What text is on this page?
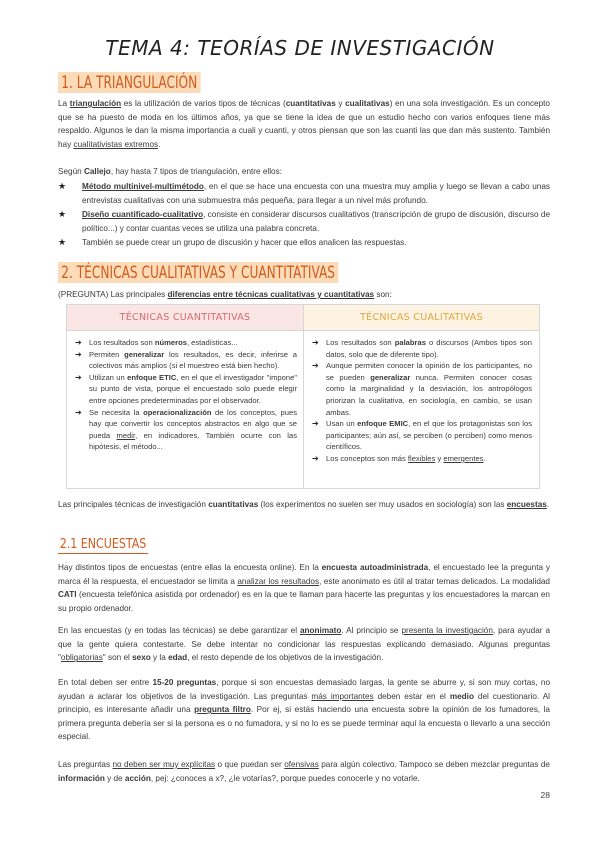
TEMA 4: TEORÍAS DE INVESTIGACIÓN
1. LA TRIANGULACIÓN
La triangulación es la utilización de varios tipos de técnicas (cuantitativas y cualitativas) en una sola investigación. Es un concepto que se ha puesto de moda en los últimos años, ya que se tiene la idea de que un estudio hecho con varios enfoques tiene más respaldo. Algunos le dan la misma importancia a cuali y cuanti, y otros piensan que son las cuanti las que dan más sustento. También hay cualitativistas extremos.
Según Callejo, hay hasta 7 tipos de triangulación, entre ellos:
★ Método multinivel-multimétodo, en el que se hace una encuesta con una muestra muy amplia y luego se llevan a cabo unas entrevistas cualitativas con una submuestra más pequeña, para llegar a un nivel más profundo.
★ Diseño cuantificado-cualitativo, consiste en considerar discursos cualitativos (transcripción de grupo de discusión, discurso de político...) y contar cuantas veces se utiliza una palabra concreta.
★ También se puede crear un grupo de discusión y hacer que ellos analicen las respuestas.
2. TÉCNICAS CUALITATIVAS Y CUANTITATIVAS
(PREGUNTA) Las principales diferencias entre técnicas cualitativas y cuantitativas son:
TÉCNICAS CUANTITATIVAS	TÉCNICAS CUALITATIVAS
➔ Los resultados son números, estadísticas...
➔ Permiten generalizar los resultados, es decir, inferirse a colectivos más amplios (si el muestreo está bien hecho).
➔ Utilizan un enfoque ETIC, en el que el investigador "impone" su punto de vista, porque el encuestado solo puede elegir entre opciones predeterminadas por el observador.
➔ Se necesita la operacionalización de los conceptos, pues hay que convertir los conceptos abstractos en algo que se pueda medir, en indicadores. También ocurre con las hipótesis, el método...
➔ Los resultados son palabras o discursos (Ambos tipos son datos, solo que de diferente tipo).
➔ Aunque permiten conocer la opinión de los participantes, no se pueden generalizar nunca. Permiten conocer cosas como la marginalidad y la desviación, los antropólogos priorizan la cualitativa, en sociología, en cambio, se usan ambas.
➔ Usan un enfoque EMIC, en el que los protagonistas son los participantes; aún así, se perciben (o perciben) como menos científicos.
➔ Los conceptos son más flexibles y emergentes.
Las principales técnicas de investigación cuantitativas (los experimentos no suelen ser muy usados en sociología) son las encuestas.
2.1 ENCUESTAS
Hay distintos tipos de encuestas (entre ellas la encuesta online). En la encuesta autoadministrada, el encuestado lee la pregunta y marca él la respuesta, el encuestador se limita a analizar los resultados, este anonimato es útil al tratar temas delicados. La modalidad CATI (encuesta telefónica asistida por ordenador) es en la que te llaman para hacerte las preguntas y los encuestadores la marcan en su propio ordenador.
En las encuestas (y en todas las técnicas) se debe garantizar el anonimato. Al principio se presenta la investigación, para ayudar a que la gente quiera contestarte. Se debe intentar no condicionar las respuestas explicando demasiado. Algunas preguntas "obligatorias" son el sexo y la edad, el resto depende de los objetivos de la investigación.
En total deben ser entre 15-20 preguntas, porque si son encuestas demasiado largas, la gente se aburre y, si son muy cortas, no ayudan a aclarar los objetivos de la investigación. Las preguntas más importantes deben estar en el medio del cuestionario. Al principio, es interesante añadir una pregunta filtro. Por ej, si estás haciendo una encuesta sobre la opinión de los fumadores, la primera pregunta debería ser si la persona es o no fumadora, y si no lo es se puede terminar aquí la encuesta o llevarlo a una sección especial.
Las preguntas no deben ser muy explícitas o que puedan ser ofensivas para algún colectivo. Tampoco se deben mezclar preguntas de información y de acción, pej: ¿conoces a x?, ¿le votarías?, porque puedes conocerle y no votarle.
28
